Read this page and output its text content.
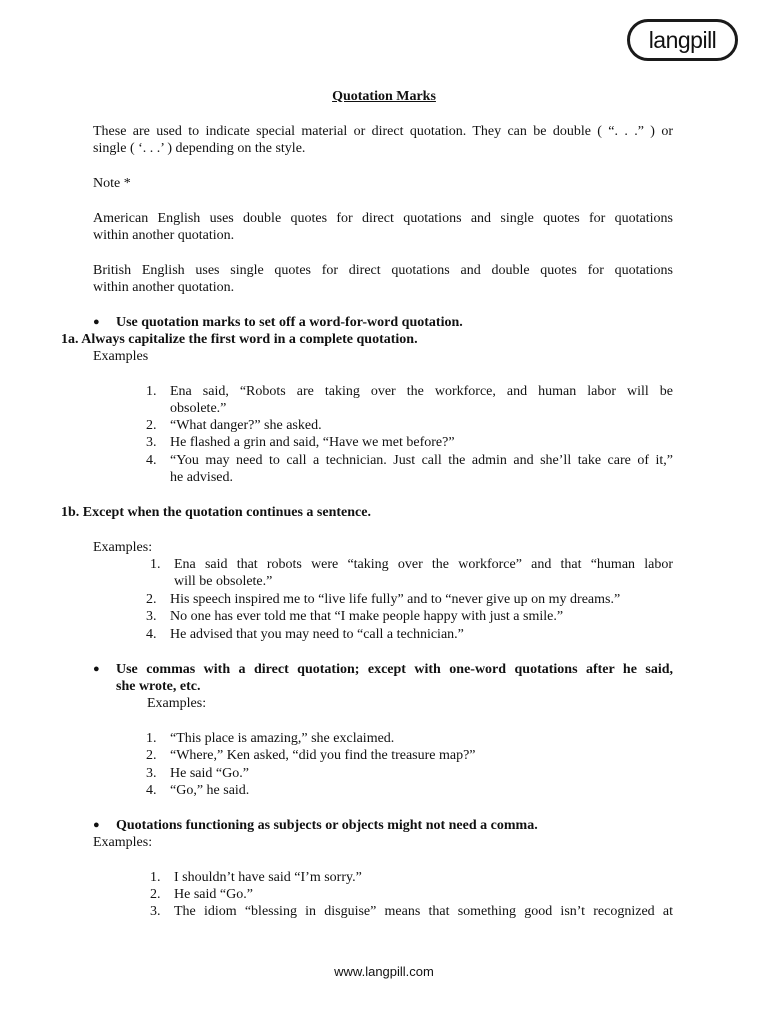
langpill
Quotation Marks
These are used to indicate special material or direct quotation. They can be double ( “. . .” ) or
single ( ‘. . .’ ) depending on the style.
Note *
American English uses double quotes for direct quotations and single quotes for quotations
within another quotation.
British English uses single quotes for direct quotations and double quotes for quotations
within another quotation.
● Use quotation marks to set off a word-for-word quotation.
1a. Always capitalize the first word in a complete quotation.
Examples
1. Ena said, “Robots are taking over the workforce, and human labor will be
obsolete.”
2. “What danger?” she asked.
3. He flashed a grin and said, “Have we met before?”
4. “You may need to call a technician. Just call the admin and she’ll take care of it,”
he advised.
1b. Except when the quotation continues a sentence.
Examples:
1. Ena said that robots were “taking over the workforce” and that “human labor
will be obsolete.”
2. His speech inspired me to “live life fully” and to “never give up on my dreams.”
3. No one has ever told me that “I make people happy with just a smile.”
4. He advised that you may need to “call a technician.”
● Use commas with a direct quotation; except with one-word quotations after he said,
she wrote, etc.
Examples:
1. “This place is amazing,” she exclaimed.
2. “Where,” Ken asked, “did you find the treasure map?”
3. He said “Go.”
4. “Go,” he said.
● Quotations functioning as subjects or objects might not need a comma.
Examples:
1. I shouldn’t have said “I’m sorry.”
2. He said “Go.”
3. The idiom “blessing in disguise” means that something good isn’t recognized at
www.langpill.com
